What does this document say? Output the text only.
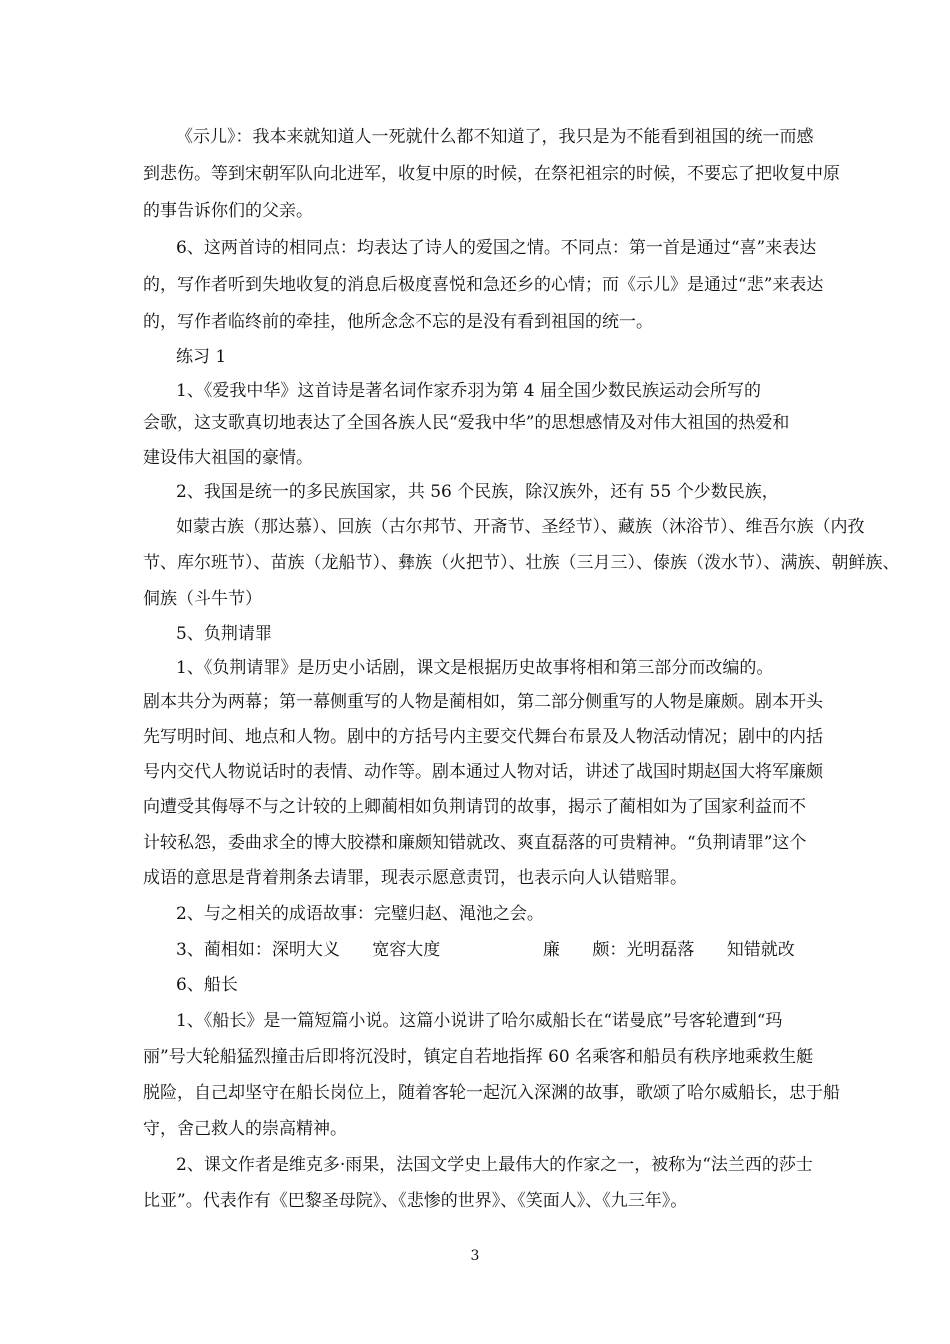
《示儿》：我本来就知道人一死就什么都不知道了，我只是为不能看到祖国的统一而感
到悲伤。等到宋朝军队向北进军，收复中原的时候，在祭祀祖宗的时候，不要忘了把收复中原
的事告诉你们的父亲。
6、这两首诗的相同点：均表达了诗人的爱国之情。不同点：第一首是通过“喜”来表达
的，写作者听到失地收复的消息后极度喜悦和急还乡的心情；而《示儿》是通过“悲”来表达
的，写作者临终前的牵挂，他所念念不忘的是没有看到祖国的统一。
练习 1
1、《爱我中华》这首诗是著名词作家乔羽为第 4 届全国少数民族运动会所写的
会歌，这支歌真切地表达了全国各族人民“爱我中华”的思想感情及对伟大祖国的热爱和
建设伟大祖国的豪情。
2、我国是统一的多民族国家，共 56 个民族，除汉族外，还有 55 个少数民族，
如蒙古族（那达慕）、回族（古尔邦节、开斋节、圣经节）、藏族（沐浴节）、维吾尔族（内孜
节、库尔班节）、苗族（龙船节）、彝族（火把节）、壮族（三月三）、傣族（泼水节）、满族、朝鲜族、
侗族（斗牛节）
5、负荆请罪
1、《负荆请罪》是历史小话剧，课文是根据历史故事将相和第三部分而改编的。
剧本共分为两幕；第一幕侧重写的人物是蔺相如，第二部分侧重写的人物是廉颇。剧本开头
先写明时间、地点和人物。剧中的方括号内主要交代舞台布景及人物活动情况；剧中的内括
号内交代人物说话时的表情、动作等。剧本通过人物对话，讲述了战国时期赵国大将军廉颇
向遭受其侮辱不与之计较的上卿蔺相如负荆请罚的故事，揭示了蔺相如为了国家利益而不
计较私怨，委曲求全的博大胶襟和廉颇知错就改、爽直磊落的可贵精神。“负荆请罪”这个
成语的意思是背着荆条去请罪，现表示愿意责罚，也表示向人认错赔罪。
2、与之相关的成语故事：完璧归赵、渑池之会。
3、蔺相如：深明大义      宽容大度                   廉      颇：光明磊落      知错就改
6、船长
1、《船长》是一篇短篇小说。这篇小说讲了哈尔威船长在“诺曼底”号客轮遭到“玛
丽”号大轮船猛烈撞击后即将沉没时，镇定自若地指挥 60 名乘客和船员有秩序地乘救生艇
脱险，自己却坚守在船长岗位上，随着客轮一起沉入深渊的故事，歌颂了哈尔威船长，忠于船
守，舍己救人的崇高精神。
2、课文作者是维克多·雨果，法国文学史上最伟大的作家之一，被称为“法兰西的莎士
比亚”。代表作有《巴黎圣母院》、《悲惨的世界》、《笑面人》、《九三年》。
3
